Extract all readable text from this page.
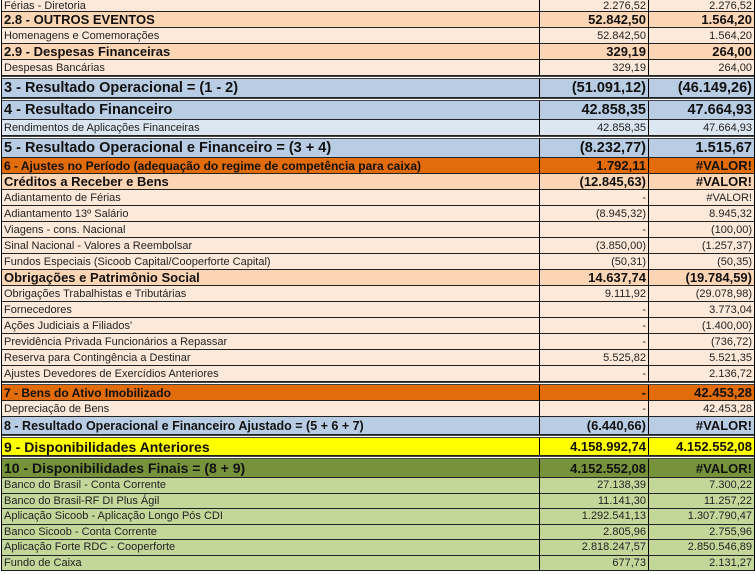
Férias - Diretoria	2.276,52	2.276,52
2.8 - OUTROS EVENTOS	52.842,50	1.564,20
Homenagens e Comemorações	52.842,50	1.564,20
2.9 - Despesas Financeiras	329,19	264,00
Despesas Bancárias	329,19	264,00
3 - Resultado Operacional = (1 - 2)	(51.091,12)	(46.149,26)
4 - Resultado Financeiro	42.858,35	47.664,93
Rendimentos de Aplicações Financeiras	42.858,35	47.664,93
5 - Resultado Operacional e Financeiro = (3 + 4)	(8.232,77)	1.515,67
6 - Ajustes no Período (adequação do regime de competência para caixa)	1.792,11	#VALOR!
Créditos a Receber e Bens	(12.845,63)	#VALOR!
Adiantamento de Férias	-	#VALOR!
Adiantamento 13º Salário	(8.945,32)	8.945,32
Viagens - cons. Nacional	-	(100,00)
Sinal Nacional - Valores a Reembolsar	(3.850,00)	(1.257,37)
Fundos Especiais (Sicoob Capital/Cooperforte Capital)	(50,31)	(50,35)
Obrigações e Patrimônio Social	14.637,74	(19.784,59)
Obrigações Trabalhistas e Tributárias	9.111,92	(29.078,98)
Fornecedores	-	3.773,04
Ações Judiciais a Filiados'	-	(1.400,00)
Previdência Privada Funcionários a Repassar	-	(736,72)
Reserva para Contingência a Destinar	5.525,82	5.521,35
Ajustes Devedores de Exercídios Anteriores	-	2.136,72
7 - Bens do Ativo Imobilizado	-	42.453,28
Depreciação de Bens	-	42.453,28
8 - Resultado Operacional e Financeiro Ajustado = (5 + 6 + 7)	(6.440,66)	#VALOR!
9 - Disponibilidades Anteriores	4.158.992,74	4.152.552,08
10 - Disponibilidades Finais = (8 + 9)	4.152.552,08	#VALOR!
Banco do Brasil - Conta Corrente	27.138,39	7.300,22
Banco do Brasil-RF DI Plus Ágil	11.141,30	11.257,22
Aplicação Sicoob - Aplicação Longo Pós CDI	1.292.541,13	1.307.790,47
Banco Sicoob - Conta Corrente	2.805,96	2.755,96
Aplicação Forte RDC - Cooperforte	2.818.247,57	2.850.546,89
Fundo de Caixa	677,73	2.131,27
